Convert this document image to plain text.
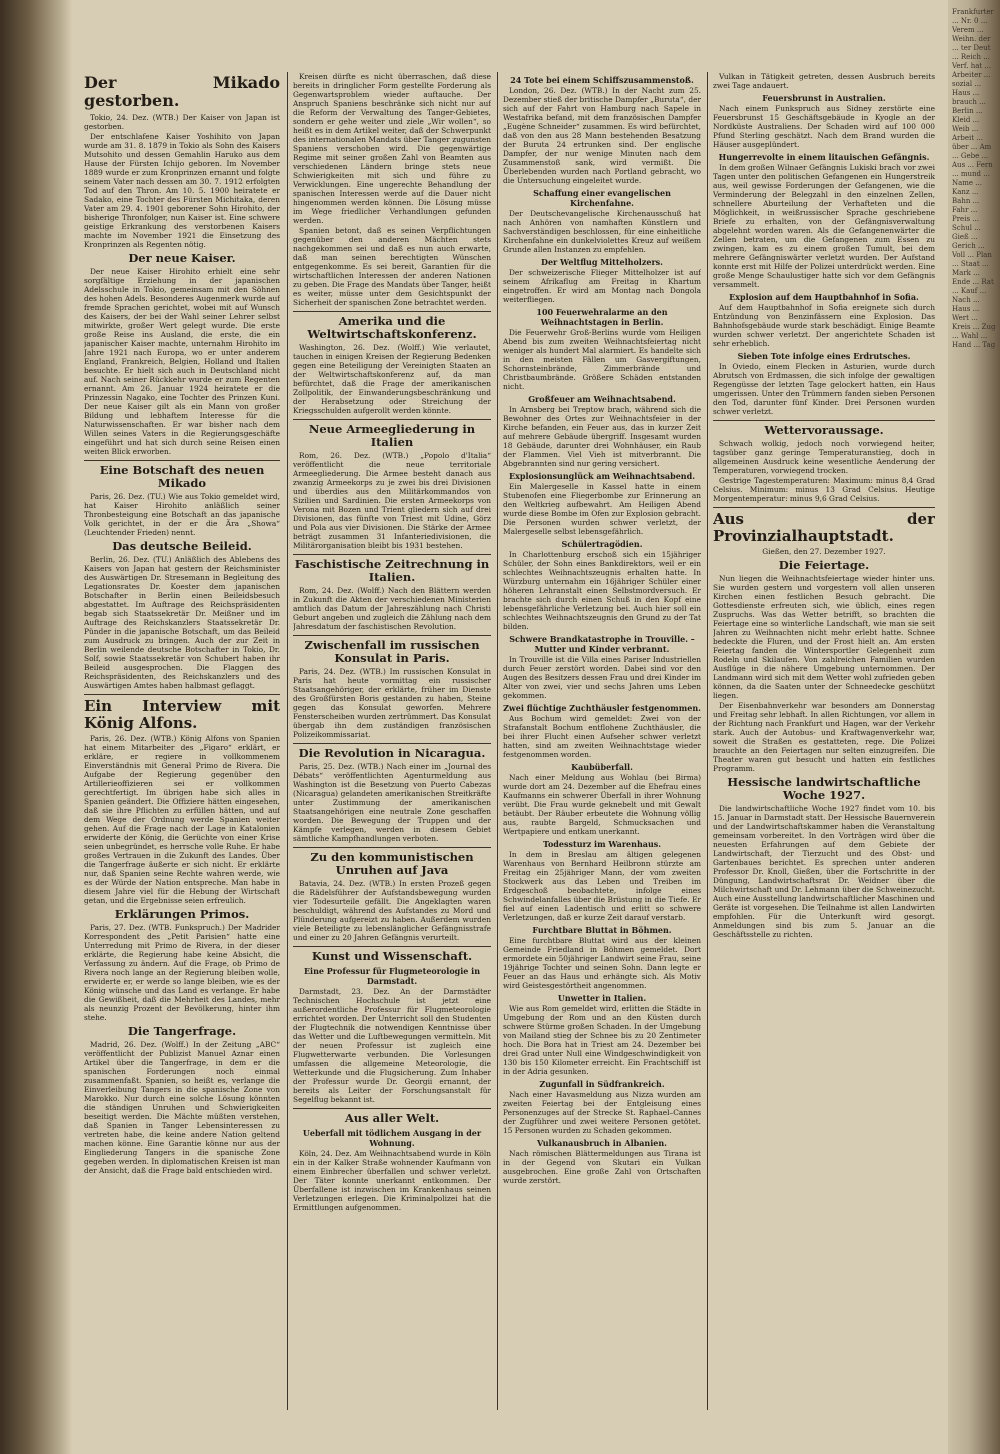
Der Mikado gestorben.
Tokio, 24. Dez. (WTB.) Der Kaiser von Japan ist gestorben.
Der entschlafene Kaiser Yoshihito von Japan wurde am 31. 8. 1879 in Tokio als Sohn des Kaisers Mutsohito und dessen Gemahlin Haruko aus dem Hause der Fürsten Ichijo geboren. Im November 1889 wurde er zum Kronprinzen ernannt und folgte seinem Vater nach dessen am 30. 7. 1912 erfolgten Tod auf den Thron. Am 10. 5. 1900 heiratete er Sadako, eine Tochter des Fürsten Michitaka, deren Vater am 29. 4. 1901 geborener Sohn Hirohito, der bisherige Thronfolger, nun Kaiser ist. Eine schwere geistige Erkrankung des verstorbenen Kaisers machte im November 1921 die Einsetzung des Kronprinzen als Regenten nötig.
Der neue Kaiser.
Der neue Kaiser Hirohito erhielt eine sehr sorgfältige Erziehung in der japanischen Adelsschule in Tokio, gemeinsam mit den Söhnen des hohen Adels. Besonderes Augenmerk wurde auf fremde Sprachen gerichtet, wobei mit auf Wunsch des Kaisers, der bei der Wahl seiner Lehrer selbst mitwirkte, großer Wert gelegt wurde. Die erste große Reise ins Ausland, die erste, die ein japanischer Kaiser machte, unternahm Hirohito im Jahre 1921 nach Europa, wo er unter anderem England, Frankreich, Belgien, Holland und Italien besuchte. Er hielt sich auch in Deutschland nicht auf. Nach seiner Rückkehr wurde er zum Regenten ernannt. Am 26. Januar 1924 heiratete er die Prinzessin Nagako, eine Tochter des Prinzen Kuni. Der neue Kaiser gilt als ein Mann von großer Bildung und lebhaftem Interesse für die Naturwissenschaften. Er war bisher nach dem Willen seines Vaters in die Regierungsgeschäfte eingeführt und hat sich durch seine Reisen einen weiten Blick erworben.
Eine Botschaft des neuen Mikado
Paris, 26. Dez. (TU.) Wie aus Tokio gemeldet wird, hat Kaiser Hirohito anläßlich seiner Thronbesteigung eine Botschaft an das japanische Volk gerichtet, in der er die Ära „Showa“ (Leuchtender Frieden) nennt.
Das deutsche Beileid.
Berlin, 26. Dez. (TU.) Anläßlich des Ablebens des Kaisers von Japan hat gestern der Reichsminister des Auswärtigen Dr. Stresemann in Begleitung des Legationsrates Dr. Koester dem japanischen Botschafter in Berlin einen Beileidsbesuch abgestattet. Im Auftrage des Reichspräsidenten begab sich Staatssekretär Dr. Meißner und im Auftrage des Reichskanzlers Staatssekretär Dr. Pünder in die japanische Botschaft, um das Beileid zum Ausdruck zu bringen. Auch der zur Zeit in Berlin weilende deutsche Botschafter in Tokio, Dr. Solf, sowie Staatssekretär von Schubert haben ihr Beileid ausgesprochen. Die Flaggen des Reichspräsidenten, des Reichskanzlers und des Auswärtigen Amtes haben halbmast geflaggt.
Ein Interview mit König Alfons.
Paris, 26. Dez. (WTB.) König Alfons von Spanien hat einem Mitarbeiter des „Figaro“ erklärt, er erkläre, er regiere in vollkommenem Einverständnis mit General Primo de Rivera. Die Aufgabe der Regierung gegenüber den Artillerieoffizieren sei er vollkommen gerechtfertigt. Im übrigen habe sich alles in Spanien geändert. Die Offiziere hätten eingesehen, daß sie ihre Pflichten zu erfüllen hätten, und auf dem Wege der Ordnung werde Spanien weiter gehen. Auf die Frage nach der Lage in Katalonien erwiderte der König, die Gerüchte von einer Krise seien unbegründet, es herrsche volle Ruhe. Er habe großes Vertrauen in die Zukunft des Landes. Über die Tangerfrage äußerte er sich nicht. Er erklärte nur, daß Spanien seine Rechte wahren werde, wie es der Würde der Nation entspreche. Man habe in diesem Jahre viel für die Hebung der Wirtschaft getan, und die Ergebnisse seien erfreulich.
Erklärungen Primos.
Paris, 27. Dez. (WTB. Funkspruch.) Der Madrider Korrespondent des „Petit Parisien“ hatte eine Unterredung mit Primo de Rivera, in der dieser erklärte, die Regierung habe keine Absicht, die Verfassung zu ändern. Auf die Frage, ob Primo de Rivera noch lange an der Regierung bleiben wolle, erwiderte er, er werde so lange bleiben, wie es der König wünsche und das Land es verlange. Er habe die Gewißheit, daß die Mehrheit des Landes, mehr als neunzig Prozent der Bevölkerung, hinter ihm stehe.
Die Tangerfrage.
Madrid, 26. Dez. (Wolff.) In der Zeitung „ABC“ veröffentlicht der Publizist Manuel Aznar einen Artikel über die Tangerfrage, in dem er die spanischen Forderungen noch einmal zusammenfaßt. Spanien, so heißt es, verlange die Einverleibung Tangers in die spanische Zone von Marokko. Nur durch eine solche Lösung könnten die ständigen Unruhen und Schwierigkeiten beseitigt werden. Die Mächte müßten verstehen, daß Spanien in Tanger Lebensinteressen zu vertreten habe, die keine andere Nation geltend machen könne. Eine Garantie könne nur aus der Eingliederung Tangers in die spanische Zone gegeben werden. In diplomatischen Kreisen ist man der Ansicht, daß die Frage bald entschieden wird.
Kreisen dürfte es nicht überraschen, daß diese bereits in dringlicher Form gestellte Forderung als Gegenwartsproblem wieder auftauche. Der Anspruch Spaniens beschränke sich nicht nur auf die Reform der Verwaltung des Tanger-Gebietes, sondern er gehe weiter und ziele „Wir wollen“, so heißt es in dem Artikel weiter, daß der Schwerpunkt des internationalen Mandats über Tanger zugunsten Spaniens verschoben wird. Die gegenwärtige Regime mit seiner großen Zahl von Beamten aus verschiedenen Ländern bringe stets neue Schwierigkeiten mit sich und führe zu Verwicklungen. Eine ungerechte Behandlung der spanischen Interessen werde auf die Dauer nicht hingenommen werden können. Die Lösung müsse im Wege friedlicher Verhandlungen gefunden werden.
Spanien betont, daß es seinen Verpflichtungen gegenüber den anderen Mächten stets nachgekommen sei und daß es nun auch erwarte, daß man seinen berechtigten Wünschen entgegenkomme. Es sei bereit, Garantien für die wirtschaftlichen Interessen der anderen Nationen zu geben. Die Frage des Mandats über Tanger, heißt es weiter, müsse unter dem Gesichtspunkt der Sicherheit der spanischen Zone betrachtet werden.
Amerika und die Weltwirtschaftskonferenz.
Washington, 26. Dez. (Wolff.) Wie verlautet, tauchen in einigen Kreisen der Regierung Bedenken gegen eine Beteiligung der Vereinigten Staaten an der Weltwirtschaftskonferenz auf, da man befürchtet, daß die Frage der amerikanischen Zollpolitik, der Einwanderungsbeschränkung und der Herabsetzung oder Streichung der Kriegsschulden aufgerollt werden könnte.
Neue Armeegliederung in Italien
Rom, 26. Dez. (WTB.) „Popolo d'Italia“ veröffentlicht die neue territoriale Armeegliederung. Die Armee besteht danach aus zwanzig Armeekorps zu je zwei bis drei Divisionen und überdies aus den Militärkommandos von Sizilien und Sardinien. Die ersten Armeekorps von Verona mit Bozen und Trient gliedern sich auf drei Divisionen, das fünfte von Triest mit Udine, Görz und Pola aus vier Divisionen. Die Stärke der Armee beträgt zusammen 31 Infanteriedivisionen, die Militärorganisation bleibt bis 1931 bestehen.
Faschistische Zeitrechnung in Italien.
Rom, 24. Dez. (Wolff.) Nach den Blättern werden in Zukunft die Akten der verschiedenen Ministerien amtlich das Datum der Jahreszählung nach Christi Geburt angeben und zugleich die Zählung nach dem Jahresdatum der faschistischen Revolution.
Zwischenfall im russischen Konsulat in Paris.
Paris, 24. Dez. (WTB.) Im russischen Konsulat in Paris hat heute vormittag ein russischer Staatsangehöriger, der erklärte, früher im Dienste des Großfürsten Boris gestanden zu haben, Steine gegen das Konsulat geworfen. Mehrere Fensterscheiben wurden zertrümmert. Das Konsulat übergab ihn dem zuständigen französischen Polizeikommissariat.
Die Revolution in Nicaragua.
Paris, 25. Dez. (WTB.) Nach einer im „Journal des Débats“ veröffentlichten Agenturmeldung aus Washington ist die Besetzung von Puerto Cabezas (Nicaragua) gelandeten amerikanischen Streitkräfte unter Zustimmung der amerikanischen Staatsangehörigen eine neutrale Zone geschaffen worden. Die Bewegung der Truppen und der Kämpfe verlegen, werden in diesem Gebiet sämtliche Kampfhandlungen verboten.
Zu den kommunistischen Unruhen auf Java
Batavia, 24. Dez. (WTB.) In ersten Prozeß gegen die Rädelsführer der Aufstandsbewegung wurden vier Todesurteile gefällt. Die Angeklagten waren beschuldigt, während des Aufstandes zu Mord und Plünderung aufgereizt zu haben. Außerdem wurden viele Beteiligte zu lebenslänglicher Gefängnisstrafe und einer zu 20 Jahren Gefängnis verurteilt.
Kunst und Wissenschaft.
Eine Professur für Flugmeteorologie in Darmstadt.
Darmstadt, 23. Dez. An der Darmstädter Technischen Hochschule ist jetzt eine außerordentliche Professur für Flugmeteorologie errichtet worden. Der Unterricht soll den Studenten der Flugtechnik die notwendigen Kenntnisse über das Wetter und die Luftbewegungen vermitteln. Mit der neuen Professur ist zugleich eine Flugwetterwarte verbunden. Die Vorlesungen umfassen die allgemeine Meteorologie, die Wetterkunde und die Flugsicherung. Zum Inhaber der Professur wurde Dr. Georgii ernannt, der bereits als Leiter der Forschungsanstalt für Segelflug bekannt ist.
Aus aller Welt.
Ueberfall mit tödlichem Ausgang in der Wohnung.
Köln, 24. Dez. Am Weihnachtsabend wurde in Köln ein in der Kalker Straße wohnender Kaufmann von einem Einbrecher überfallen und schwer verletzt. Der Täter konnte unerkannt entkommen. Der Überfallene ist inzwischen im Krankenhaus seinen Verletzungen erlegen. Die Kriminalpolizei hat die Ermittlungen aufgenommen.
24 Tote bei einem Schiffszusammenstoß.
London, 26. Dez. (WTB.) In der Nacht zum 25. Dezember stieß der britische Dampfer „Buruta“, der sich auf der Fahrt von Hamburg nach Sapele in Westafrika befand, mit dem französischen Dampfer „Eugène Schneider“ zusammen. Es wird befürchtet, daß von den aus 28 Mann bestehenden Besatzung der Buruta 24 ertrunken sind. Der englische Dampfer, der nur wenige Minuten nach dem Zusammenstoß sank, wird vermißt. Die Überlebenden wurden nach Portland gebracht, wo die Untersuchung eingeleitet wurde.
Schaffung einer evangelischen Kirchenfahne.
Der Deutschevangelische Kirchenausschuß hat nach Anhören von namhaften Künstlern und Sachverständigen beschlossen, für eine einheitliche Kirchenfahne ein dunkelviolettes Kreuz auf weißem Grunde allen Instanzen zu empfehlen.
Der Weltflug Mittelholzers.
Der schweizerische Flieger Mittelholzer ist auf seinem Afrikaflug am Freitag in Khartum eingetroffen. Er wird am Montag nach Dongola weiterfliegen.
100 Feuerwehralarme an den Weihnachtstagen in Berlin.
Die Feuerwehr Groß-Berlins wurde vom Heiligen Abend bis zum zweiten Weihnachtsfeiertag nicht weniger als hundert Mal alarmiert. Es handelte sich in den meisten Fällen um Gasvergiftungen, Schornsteinbrände, Zimmerbrände und Christbaumbrände. Größere Schäden entstanden nicht.
Großfeuer am Weihnachtsabend.
In Arnsberg bei Treptow brach, während sich die Bewohner des Ortes zur Weihnachtsfeier in der Kirche befanden, ein Feuer aus, das in kurzer Zeit auf mehrere Gebäude übergriff. Insgesamt wurden 18 Gebäude, darunter drei Wohnhäuser, ein Raub der Flammen. Viel Vieh ist mitverbrannt. Die Abgebrannten sind nur gering versichert.
Explosionsunglück am Weihnachtsabend.
Ein Malergeselle in Kassel hatte in einem Stubenofen eine Fliegerbombe zur Erinnerung an den Weltkrieg aufbewahrt. Am Heiligen Abend wurde diese Bombe im Ofen zur Explosion gebracht. Die Personen wurden schwer verletzt, der Malergeselle selbst lebensgefährlich.
Schülertragödien.
In Charlottenburg erschoß sich ein 15jähriger Schüler, der Sohn eines Bankdirektors, weil er ein schlechtes Weihnachtszeugnis erhalten hatte. In Würzburg unternahm ein 16jähriger Schüler einer höheren Lehranstalt einen Selbstmordversuch. Er brachte sich durch einen Schuß in den Kopf eine lebensgefährliche Verletzung bei. Auch hier soll ein schlechtes Weihnachtszeugnis den Grund zu der Tat bilden.
Schwere Brandkatastrophe in Trouville. – Mutter und Kinder verbrannt.
In Trouville ist die Villa eines Pariser Industriellen durch Feuer zerstört worden. Dabei sind vor den Augen des Besitzers dessen Frau und drei Kinder im Alter von zwei, vier und sechs Jahren ums Leben gekommen.
Zwei flüchtige Zuchthäusler festgenommen.
Aus Bochum wird gemeldet: Zwei von der Strafanstalt Bochum entflohene Zuchthäusler, die bei ihrer Flucht einen Aufseher schwer verletzt hatten, sind am zweiten Weihnachtstage wieder festgenommen worden.
Kaubüberfall.
Nach einer Meldung aus Wohlau (bei Birma) wurde dort am 24. Dezember auf die Ehefrau eines Kaufmanns ein schwerer Überfall in ihrer Wohnung verübt. Die Frau wurde geknebelt und mit Gewalt betäubt. Der Räuber erbeutete die Wohnung völlig aus, raubte Bargeld, Schmucksachen und Wertpapiere und entkam unerkannt.
Todessturz im Warenhaus.
In dem in Breslau am ältigen gelegenen Warenhaus von Bernhard Heilbronn stürzte am Freitag ein 25jähriger Mann, der vom zweiten Stockwerk aus das Leben und Treiben im Erdgeschoß beobachtete, infolge eines Schwindelanfalles über die Brüstung in die Tiefe. Er fiel auf einen Ladentisch und erlitt so schwere Verletzungen, daß er kurze Zeit darauf verstarb.
Furchtbare Bluttat in Böhmen.
Eine furchtbare Bluttat wird aus der kleinen Gemeinde Friedland in Böhmen gemeldet. Dort ermordete ein 50jähriger Landwirt seine Frau, seine 19jährige Tochter und seinen Sohn. Dann legte er Feuer an das Haus und erhängte sich. Als Motiv wird Geistesgestörtheit angenommen.
Unwetter in Italien.
Wie aus Rom gemeldet wird, erlitten die Städte in Umgebung der Rom und an den Küsten durch schwere Stürme großen Schaden. In der Umgebung von Mailand stieg der Schnee bis zu 20 Zentimeter hoch. Die Bora hat in Triest am 24. Dezember bei drei Grad unter Null eine Windgeschwindigkeit von 130 bis 150 Kilometer erreicht. Ein Frachtschiff ist in der Adria gesunken.
Zugunfall in Südfrankreich.
Nach einer Havasmeldung aus Nizza wurden am zweiten Feiertag bei der Entgleisung eines Personenzuges auf der Strecke St. Raphael–Cannes der Zugführer und zwei weitere Personen getötet. 15 Personen wurden zu Schaden gekommen.
Vulkanausbruch in Albanien.
Nach römischen Blättermeldungen aus Tirana ist in der Gegend von Skutari ein Vulkan ausgebrochen. Eine große Zahl von Ortschaften wurde zerstört.
Vulkan in Tätigkeit getreten, dessen Ausbruch bereits zwei Tage andauert.
Feuersbrunst in Australien.
Nach einem Funkspruch aus Sidney zerstörte eine Feuersbrunst 15 Geschäftsgebäude in Kyogle an der Nordküste Australiens. Der Schaden wird auf 100 000 Pfund Sterling geschätzt. Nach dem Brand wurden die Häuser ausgeplündert.
Hungerrevolte in einem litauischen Gefängnis.
In dem großen Wilnaer Gefängnis Lukiski brach vor zwei Tagen unter den politischen Gefangenen ein Hungerstreik aus, weil gewisse Forderungen der Gefangenen, wie die Verminderung der Belegzahl in den einzelnen Zellen, schnellere Aburteilung der Verhafteten und die Möglichkeit, in weißrussischer Sprache geschriebene Briefe zu erhalten, von der Gefängnisverwaltung abgelehnt worden waren. Als die Gefangenenwärter die Zellen betraten, um die Gefangenen zum Essen zu zwingen, kam es zu einem großen Tumult, bei dem mehrere Gefängniswärter verletzt wurden. Der Aufstand konnte erst mit Hilfe der Polizei unterdrückt werden. Eine große Menge Schaulustiger hatte sich vor dem Gefängnis versammelt.
Explosion auf dem Hauptbahnhof in Sofia.
Auf dem Hauptbahnhof in Sofia ereignete sich durch Entzündung von Benzinfässern eine Explosion. Das Bahnhofsgebäude wurde stark beschädigt. Einige Beamte wurden schwer verletzt. Der angerichtete Schaden ist sehr erheblich.
Sieben Tote infolge eines Erdrutsches.
In Oviedo, einem Flecken in Asturien, wurde durch Abrutsch von Erdmassen, die sich infolge der gewaltigen Regengüsse der letzten Tage gelockert hatten, ein Haus umgerissen. Unter den Trümmern fanden sieben Personen den Tod, darunter fünf Kinder. Drei Personen wurden schwer verletzt.
Wettervoraussage.
Schwach wolkig, jedoch noch vorwiegend heiter, tagsüber ganz geringe Temperaturanstieg, doch in allgemeinen Ausdruck keine wesentliche Aenderung der Temperaturen, vorwiegend trocken.
Gestrige Tagestemperaturen: Maximum: minus 8,4 Grad Celsius. Minimum: minus 13 Grad Celsius. Heutige Morgentemperatur: minus 9,6 Grad Celsius.
Aus der Provinzialhauptstadt.
Gießen, den 27. Dezember 1927.
Die Feiertage.
Nun liegen die Weihnachtsfeiertage wieder hinter uns. Sie wurden gestern und vorgestern voll allen unseren Kirchen einen festlichen Besuch gebracht. Die Gottesdienste erfreuten sich, wie üblich, eines regen Zuspruchs. Was das Wetter betrifft, so brachten die Feiertage eine so winterliche Landschaft, wie man sie seit Jahren zu Weihnachten nicht mehr erlebt hatte. Schnee bedeckte die Fluren, und der Frost hielt an. Am ersten Feiertag fanden die Wintersportler Gelegenheit zum Rodeln und Skilaufen. Von zahlreichen Familien wurden Ausflüge in die nähere Umgebung unternommen. Der Landmann wird sich mit dem Wetter wohl zufrieden geben können, da die Saaten unter der Schneedecke geschützt liegen.
Der Eisenbahnverkehr war besonders am Donnerstag und Freitag sehr lebhaft. In allen Richtungen, vor allem in der Richtung nach Frankfurt und Hagen, war der Verkehr stark. Auch der Autobus- und Kraftwagenverkehr war, soweit die Straßen es gestatteten, rege. Die Polizei brauchte an den Feiertagen nur selten einzugreifen. Die Theater waren gut besucht und hatten ein festliches Programm.
Hessische landwirtschaftliche Woche 1927.
Die landwirtschaftliche Woche 1927 findet vom 10. bis 15. Januar in Darmstadt statt. Der Hessische Bauernverein und der Landwirtschaftskammer haben die Veranstaltung gemeinsam vorbereitet. In den Vorträgen wird über die neuesten Erfahrungen auf dem Gebiete der Landwirtschaft, der Tierzucht und des Obst- und Gartenbaues berichtet. Es sprechen unter anderen Professor Dr. Knoll, Gießen, über die Fortschritte in der Düngung, Landwirtschaftsrat Dr. Weidner über die Milchwirtschaft und Dr. Lehmann über die Schweinezucht. Auch eine Ausstellung landwirtschaftlicher Maschinen und Geräte ist vorgesehen. Die Teilnahme ist allen Landwirten empfohlen. Für die Unterkunft wird gesorgt. Anmeldungen sind bis zum 5. Januar an die Geschäftsstelle zu richten.
Frankfurter ... Nr. 0 ... Verem ... Weihn. der ... ter Deut ... Reich ... Verf. hat ... Arbeiter ... sozial ... Haus ... brauch ... Berlin ... Kleid ... Weib ... Arbeit ... über ... Am ... Gebe ... Aus ... Fern ... mund ... Name ... Kanz ... Bahn ... Fahr ... Preis ... Schul ... Gieß ... Gerich ... Voll ... Plan ... Staat ... Mark ... Ende ... Rat ... Kauf ... Nach ... Haus ... Wert ... Kreis ... Zug ... Wahl ... Hand ... Tag
